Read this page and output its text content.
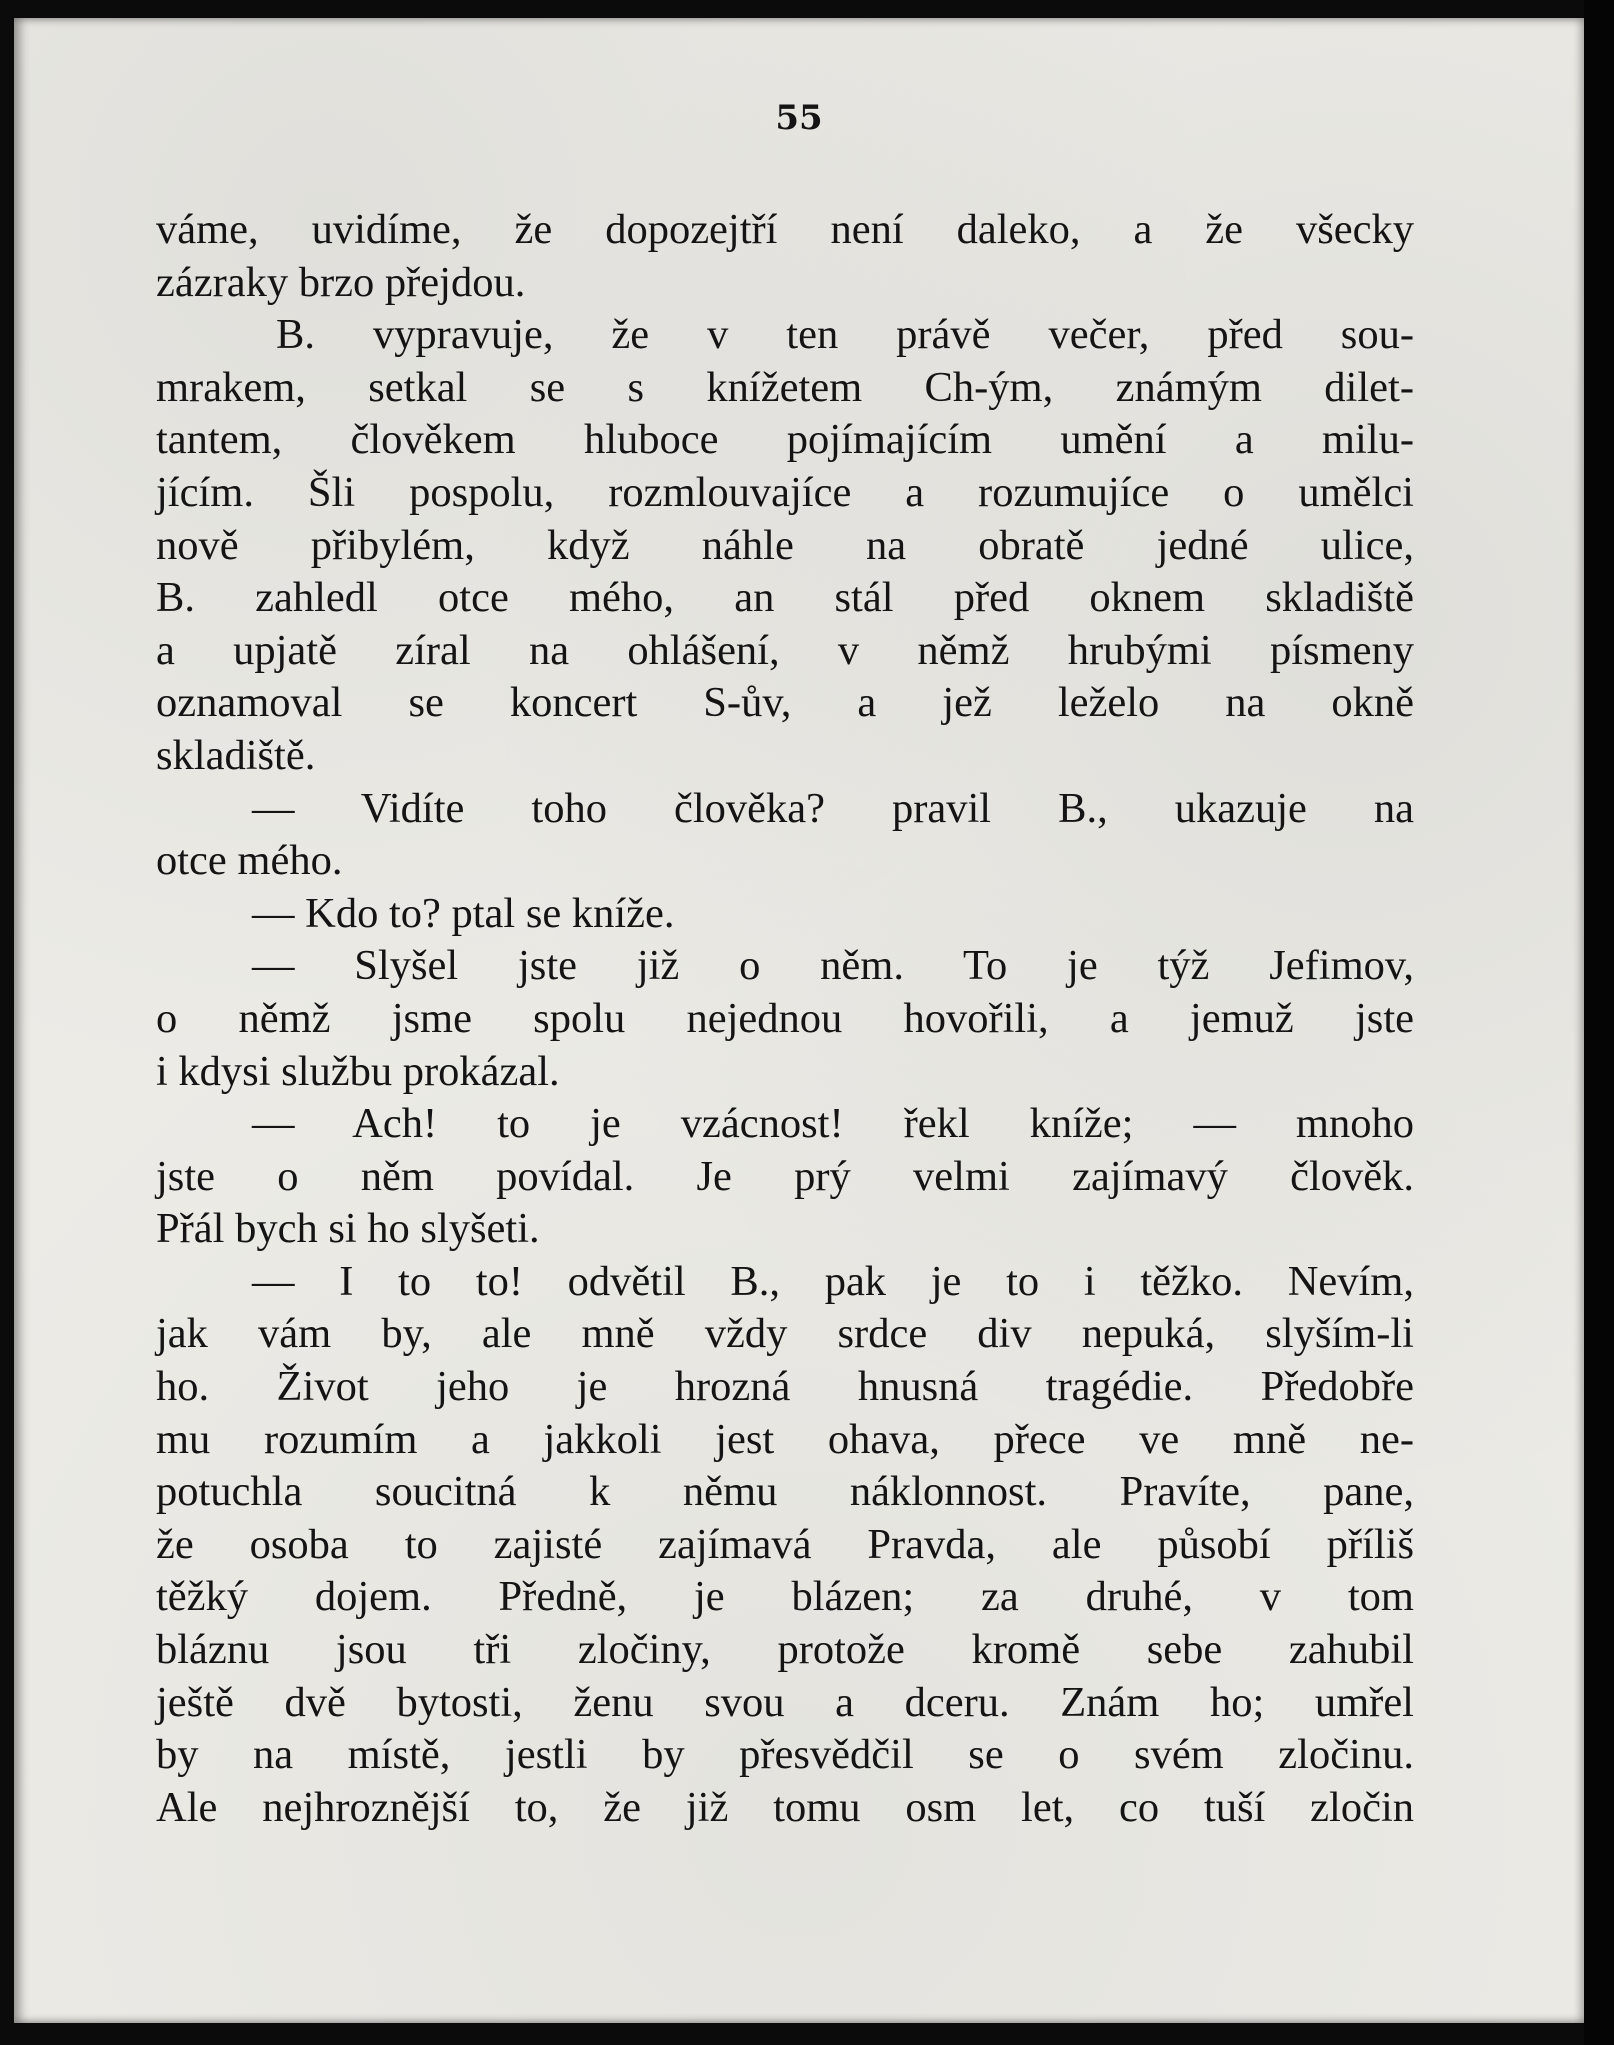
55
váme, uvidíme, že dopozejtří není daleko, a že všecky
zázraky brzo přejdou.
B. vypravuje, že v ten právě večer, před sou-
mrakem, setkal se s knížetem Ch-ým, známým dilet-
tantem, člověkem hluboce pojímajícím umění a milu-
jícím. Šli pospolu, rozmlouvajíce a rozumujíce o umělci
nově přibylém, když náhle na obratě jedné ulice,
B. zahledl otce mého, an stál před oknem skladiště
a upjatě zíral na ohlášení, v němž hrubými písmeny
oznamoval se koncert S-ův, a jež leželo na okně
skladiště.
— Vidíte toho člověka? pravil B., ukazuje na
otce mého.
— Kdo to? ptal se kníže.
— Slyšel jste již o něm. To je týž Jefimov,
o němž jsme spolu nejednou hovořili, a jemuž jste
i kdysi službu prokázal.
— Ach! to je vzácnost! řekl kníže; — mnoho
jste o něm povídal. Je prý velmi zajímavý člověk.
Přál bych si ho slyšeti.
— I to to! odvětil B., pak je to i těžko. Nevím,
jak vám by, ale mně vždy srdce div nepuká, slyším-li
ho. Život jeho je hrozná hnusná tragédie. Předobře
mu rozumím a jakkoli jest ohava, přece ve mně ne-
potuchla soucitná k němu náklonnost. Pravíte, pane,
že osoba to zajisté zajímavá Pravda, ale působí příliš
těžký dojem. Předně, je blázen; za druhé, v tom
bláznu jsou tři zločiny, protože kromě sebe zahubil
ještě dvě bytosti, ženu svou a dceru. Znám ho; umřel
by na místě, jestli by přesvědčil se o svém zločinu.
Ale nejhroznější to, že již tomu osm let, co tuší zločin
